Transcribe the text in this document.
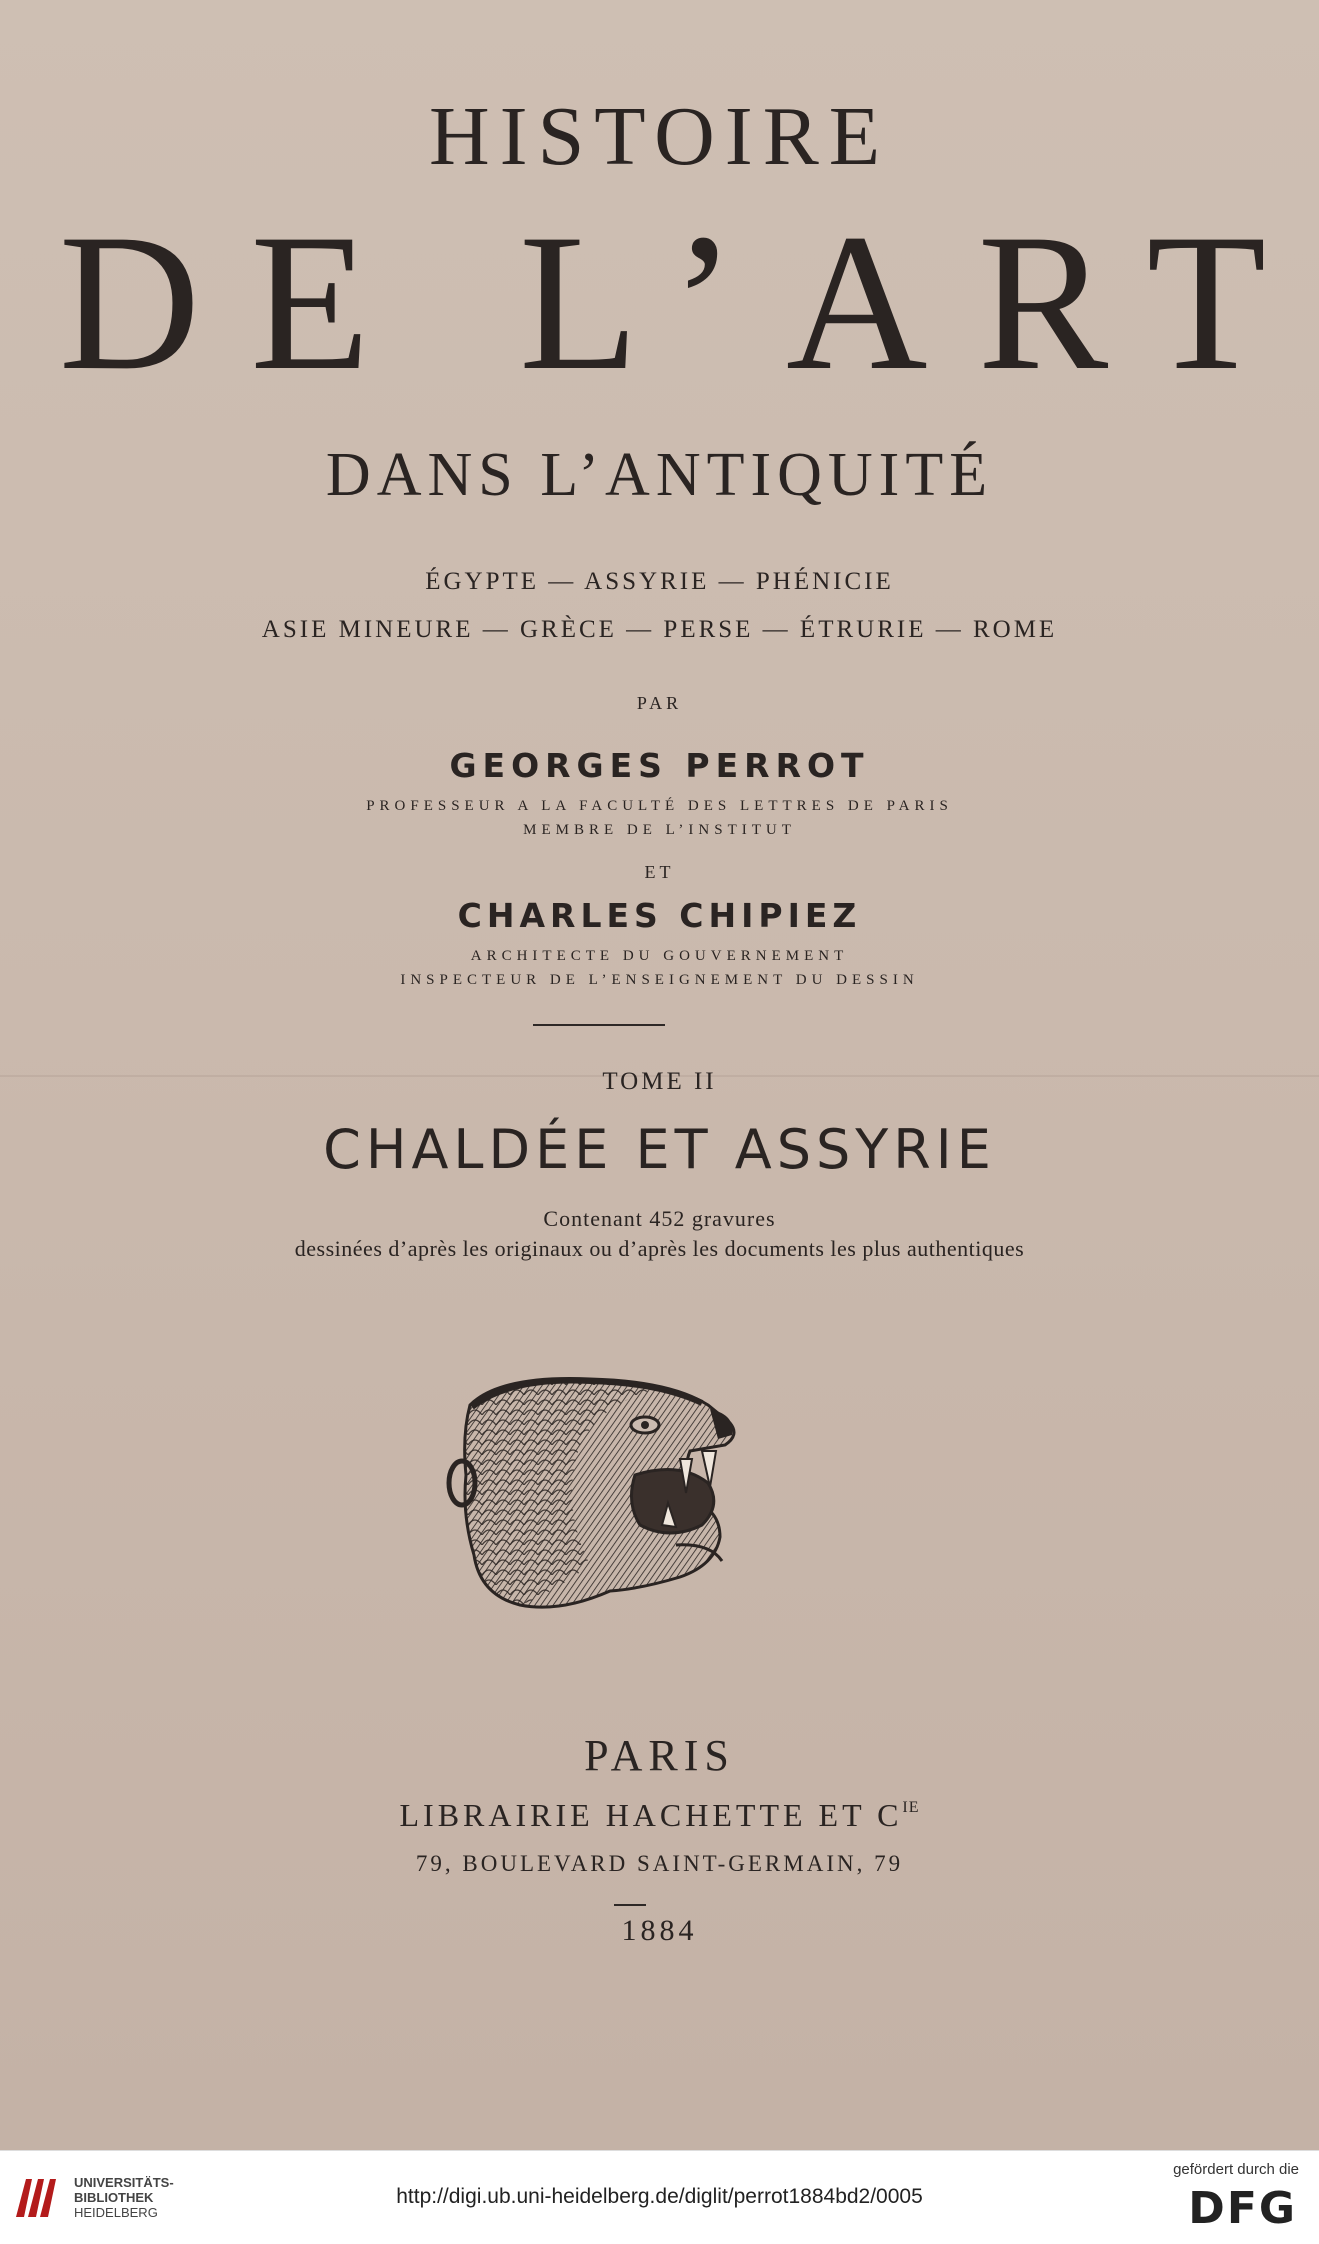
HISTOIRE
DE L’ART
DANS L’ANTIQUITÉ
ÉGYPTE — ASSYRIE — PHÉNICIE
ASIE MINEURE — GRÈCE — PERSE — ÉTRURIE — ROME
PAR
GEORGES PERROT
PROFESSEUR A LA FACULTÉ DES LETTRES DE PARIS
MEMBRE DE L’INSTITUT
ET
CHARLES CHIPIEZ
ARCHITECTE DU GOUVERNEMENT
INSPECTEUR DE L’ENSEIGNEMENT DU DESSIN
TOME II
CHALDÉE ET ASSYRIE
Contenant 452 gravures
dessinées d’après les originaux ou d’après les documents les plus authentiques
PARIS
LIBRAIRIE HACHETTE ET $C^{IE}$
79, BOULEVARD SAINT-GERMAIN, 79
1884
UNIVERSITÄTS-
BIBLIOTHEK
HEIDELBERG
http://digi.ub.uni-heidelberg.de/diglit/perrot1884bd2/0005
gefördert durch die
DFG
